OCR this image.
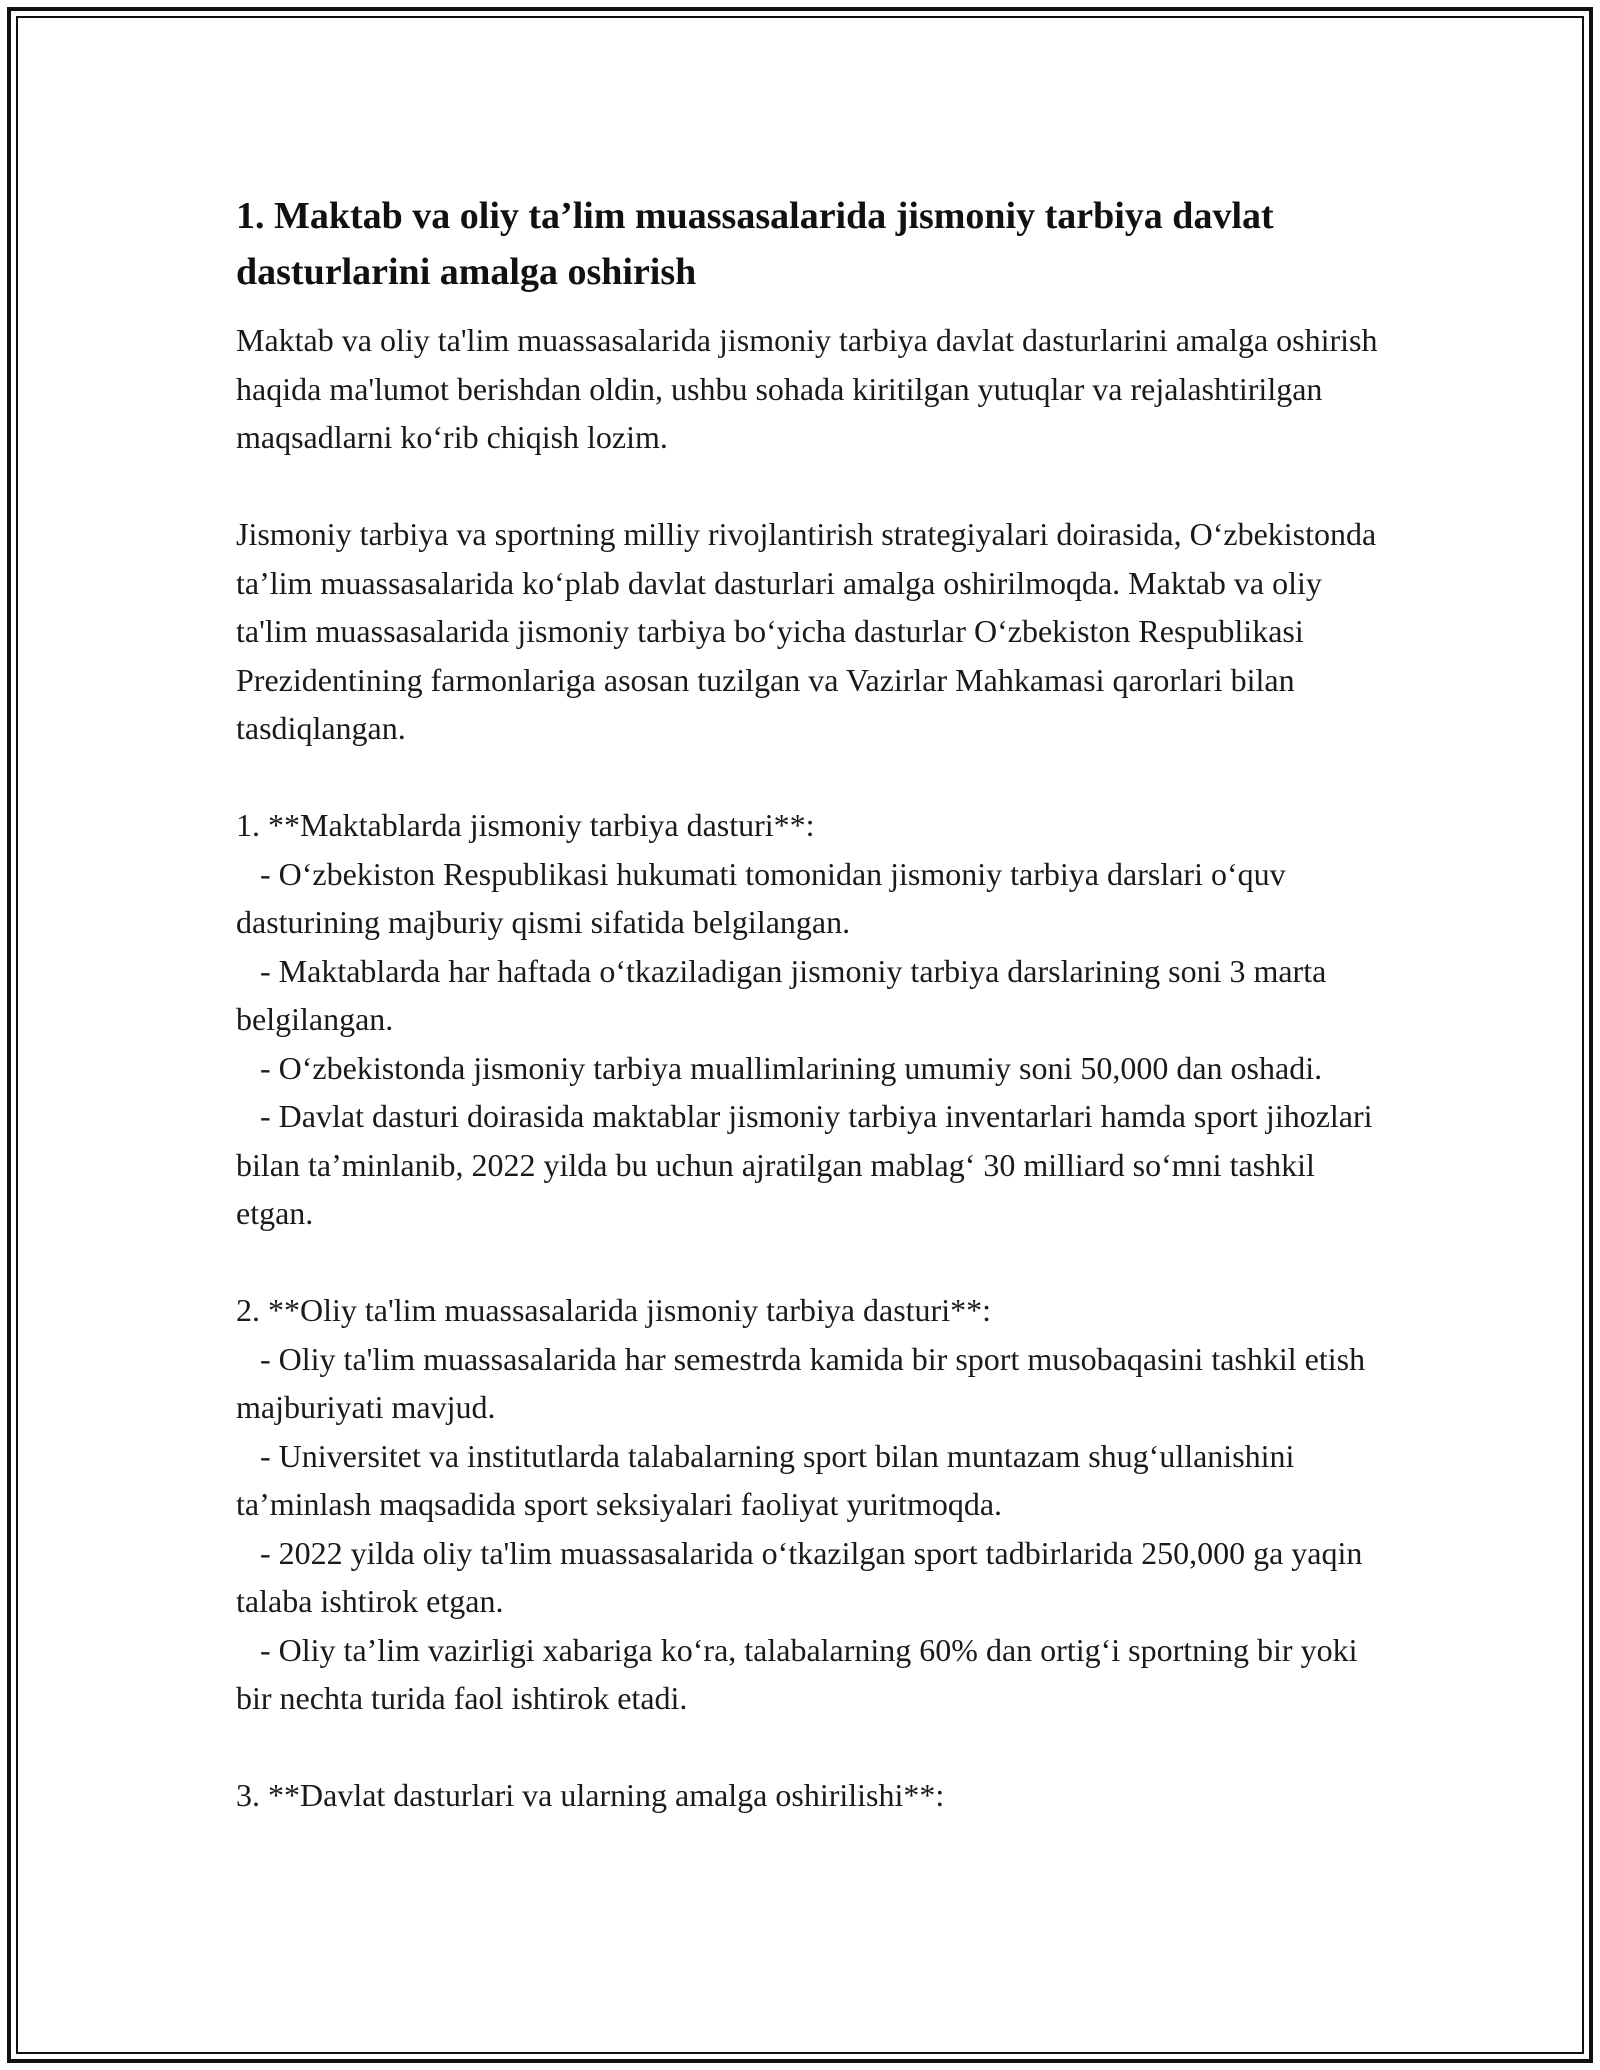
1. Maktab va oliy ta’lim muassasalarida jismoniy tarbiya davlat dasturlarini amalga oshirish

Maktab va oliy ta'lim muassasalarida jismoniy tarbiya davlat dasturlarini amalga oshirish haqida ma'lumot berishdan oldin, ushbu sohada kiritilgan yutuqlar va rejalashtirilgan maqsadlarni ko‘rib chiqish lozim.

Jismoniy tarbiya va sportning milliy rivojlantirish strategiyalari doirasida, O‘zbekistonda ta’lim muassasalarida ko‘plab davlat dasturlari amalga oshirilmoqda. Maktab va oliy ta'lim muassasalarida jismoniy tarbiya bo‘yicha dasturlar O‘zbekiston Respublikasi Prezidentining farmonlariga asosan tuzilgan va Vazirlar Mahkamasi qarorlari bilan tasdiqlangan.

1. **Maktablarda jismoniy tarbiya dasturi**:

- O‘zbekiston Respublikasi hukumati tomonidan jismoniy tarbiya darslari o‘quv dasturining majburiy qismi sifatida belgilangan.

- Maktablarda har haftada o‘tkaziladigan jismoniy tarbiya darslarining soni 3 marta belgilangan.

- O‘zbekistonda jismoniy tarbiya muallimlarining umumiy soni 50,000 dan oshadi.

- Davlat dasturi doirasida maktablar jismoniy tarbiya inventarlari hamda sport jihozlari bilan ta’minlanib, 2022 yilda bu uchun ajratilgan mablag‘ 30 milliard so‘mni tashkil etgan.

2. **Oliy ta'lim muassasalarida jismoniy tarbiya dasturi**:

- Oliy ta'lim muassasalarida har semestrda kamida bir sport musobaqasini tashkil etish majburiyati mavjud.

- Universitet va institutlarda talabalarning sport bilan muntazam shug‘ullanishini ta’minlash maqsadida sport seksiyalari faoliyat yuritmoqda.

- 2022 yilda oliy ta'lim muassasalarida o‘tkazilgan sport tadbirlarida 250,000 ga yaqin talaba ishtirok etgan.

- Oliy ta’lim vazirligi xabariga ko‘ra, talabalarning 60% dan ortig‘i sportning bir yoki bir nechta turida faol ishtirok etadi.

3. **Davlat dasturlari va ularning amalga oshirilishi**:
